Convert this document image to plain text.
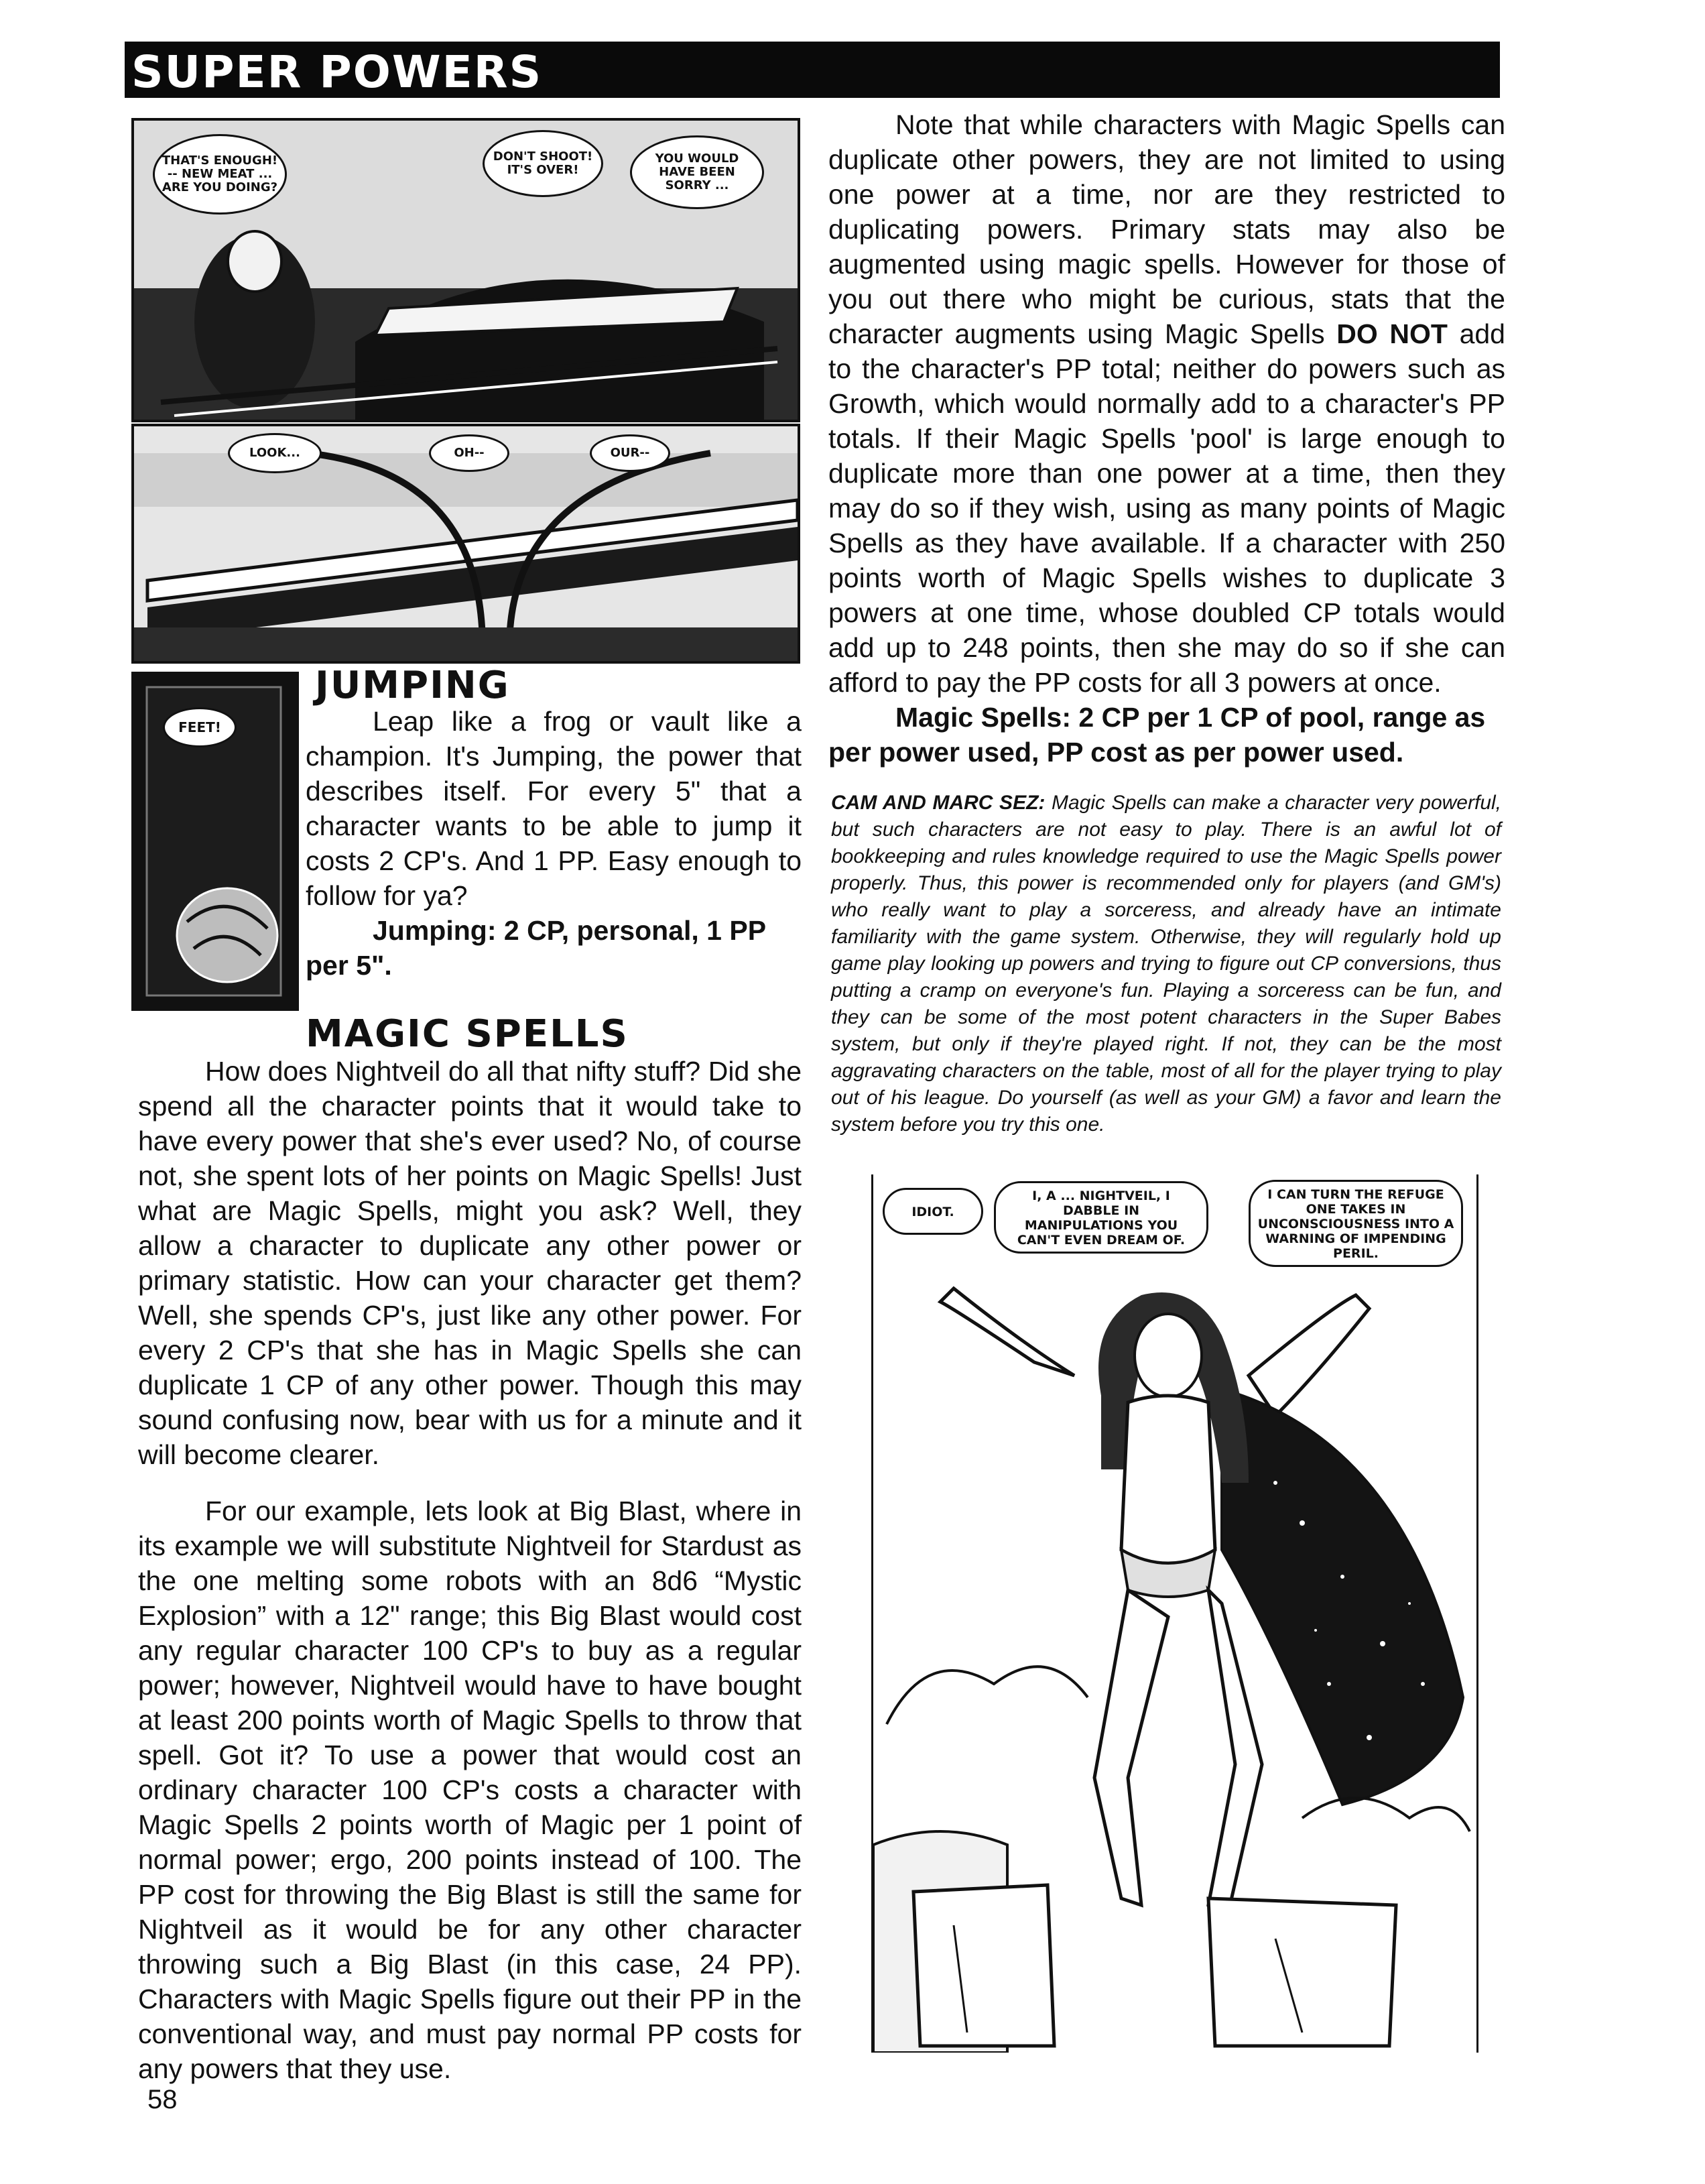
SUPER POWERS
THAT'S ENOUGH! -- NEW MEAT ... ARE YOU DOING?
DON'T SHOOT! IT'S OVER!
YOU WOULD HAVE BEEN SORRY ...
LOOK...	OH--	OUR--
FEET!
JUMPING

Leap like a frog or vault like a champion. It's Jumping, the power that describes itself. For every 5" that a character wants to be able to jump it costs 2 CP's. And 1 PP. Easy enough to follow for ya?

Jumping: 2 CP, personal, 1 PP per 5".

MAGIC SPELLS

How does Nightveil do all that nifty stuff? Did she spend all the character points that it would take to have every power that she's ever used? No, of course not, she spent lots of her points on Magic Spells! Just what are Magic Spells, might you ask? Well, they allow a character to duplicate any other power or primary statistic. How can your character get them? Well, she spends CP's, just like any other power. For every 2 CP's that she has in Magic Spells she can duplicate 1 CP of any other power. Though this may sound confusing now, bear with us for a minute and it will become clearer.

For our example, lets look at Big Blast, where in its example we will substitute Nightveil for Stardust as the one melting some robots with an 8d6 “Mystic Explosion” with a 12" range; this Big Blast would cost any regular character 100 CP's to buy as a regular power; however, Nightveil would have to have bought at least 200 points worth of Magic Spells to throw that spell. Got it? To use a power that would cost an ordinary character 100 CP's costs a character with Magic Spells 2 points worth of Magic per 1 point of normal power; ergo, 200 points instead of 100. The PP cost for throwing the Big Blast is still the same for Nightveil as it would be for any other character throwing such a Big Blast (in this case, 24 PP). Characters with Magic Spells figure out their PP in the conventional way, and must pay normal PP costs for any powers that they use.

Note that while characters with Magic Spells can duplicate other powers, they are not limited to using one power at a time, nor are they restricted to duplicating powers. Primary stats may also be augmented using magic spells. However for those of you out there who might be curious, stats that the character augments using Magic Spells DO NOT add to the character's PP total; neither do powers such as Growth, which would normally add to a character's PP totals. If their Magic Spells 'pool' is large enough to duplicate more than one power at a time, then they may do so if they wish, using as many points of Magic Spells as they have available. If a character with 250 points worth of Magic Spells wishes to duplicate 3 powers at one time, whose doubled CP totals would add up to 248 points, then she may do so if she can afford to pay the PP costs for all 3 powers at once.

Magic Spells: 2 CP per 1 CP of pool, range as per power used, PP cost as per power used.

CAM AND MARC SEZ: Magic Spells can make a character very powerful, but such characters are not easy to play. There is an awful lot of bookkeeping and rules knowledge required to use the Magic Spells power properly. Thus, this power is recommended only for players (and GM's) who really want to play a sorceress, and already have an intimate familiarity with the game system. Otherwise, they will regularly hold up game play looking up powers and trying to figure out CP conversions, thus putting a cramp on everyone's fun. Playing a sorceress can be fun, and they can be some of the most potent characters in the Super Babes system, but only if they're played right. If not, they can be the most aggravating characters on the table, most of all for the player trying to play out of his league. Do yourself (as well as your GM) a favor and learn the system before you try this one.

IDIOT.
I, A ... NIGHTVEIL, I DABBLE IN MANIPULATIONS YOU CAN'T EVEN DREAM OF.
I CAN TURN THE REFUGE ONE TAKES IN UNCONSCIOUSNESS INTO A WARNING OF IMPENDING PERIL.
58
